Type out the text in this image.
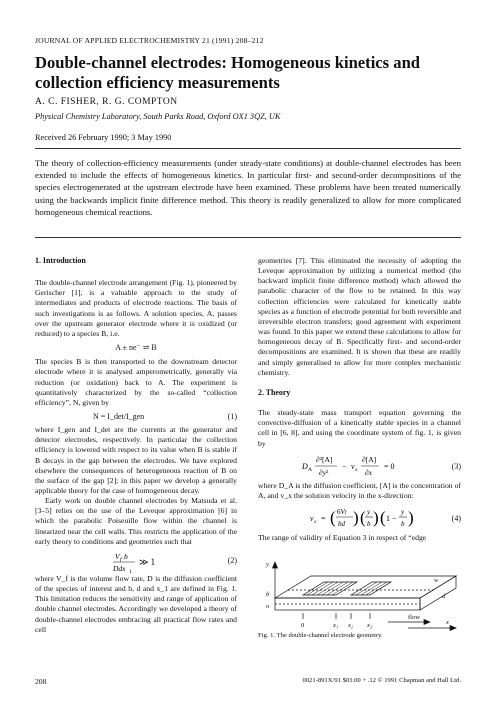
JOURNAL OF APPLIED ELECTROCHEMISTRY 21 (1991) 208–212
Double-channel electrodes: Homogeneous kinetics and collection efficiency measurements
A. C. FISHER, R. G. COMPTON
Physical Chemistry Laboratory, South Parks Road, Oxford OX1 3QZ, UK
Received 26 February 1990; 3 May 1990
The theory of collection-efficiency measurements (under steady-state conditions) at double-channel electrodes has been extended to include the effects of homogeneous kinetics. In particular first- and second-order decompositions of the species electrogenerated at the upstream electrode have been examined. These problems have been treated numerically using the backwards implicit finite difference method. This theory is readily generalized to allow for more complicated homogeneous chemical reactions.
1. Introduction

The double-channel electrode arrangement (Fig. 1), pioneered by Gerischer [1], is a valuable approach to the study of intermediates and products of electrode reactions. The basis of such investigations is as follows. A solution species, A, passes over the upstream generator electrode where it is oxidized (or reduced) to a species B, i.e.

A ± ne⁻ ⇌ B

The species B is then transported to the downstream detector electrode where it is analysed amperometrically, generally via reduction (or oxidation) back to A. The experiment is quantitatively characterized by the so-called “collection efficiency”, N, given by

N = I_det/I_gen	(1)

where I_gen and I_det are the currents at the generator and detector electrodes, respectively. In particular the collection efficiency is lowered with respect to its value when B is stable if B decays in the gap between the electrodes. We have explored elsewhere the consequences of heterogeneous reaction of B on the surface of the gap [2]; in this paper we develop a generally applicable theory for the case of homogeneous decay.

Early work on double channel electrodes by Matsuda et al. [3–5] relies on the use of the Leveque approximation [6] in which the parabolic Poiseuille flow within the channel is linearized near the cell walls. This restricts the application of the early theory to conditions and geometries such that

V f b
Ddx 1
≫ 1	(2)

where V_f is the volume flow rate, D is the diffusion coefficient of the species of interest and b, d and x_1 are defined in Fig. 1. This limitation reduces the sensitivity and range of application of double channel electrodes. Accordingly we developed a theory of double-channel electrodes embracing all practical flow rates and cell

geometries [7]. This eliminated the necessity of adopting the Leveque approximation by utilizing a numerical method (the backward implicit finite difference method) which allowed the parabolic character of the flow to be retained. In this way collection efficiencies were calculated for kinetically stable species as a function of electrode potential for both reversible and irreversible electron transfers; good agreement with experiment was found. In this paper we extend these calculations to allow for homogeneous decay of B. Specifically first- and second-order decompositions are examined. It is shown that these are readily and simply generalised to allow for more complex mechanistic chemistry.

2. Theory

The steady-state mass transport equation governing the convective-diffusion of a kinetically stable species in a channel cell in [6, 8], and using the coordinate system of fig. 1, is given by

D A
∂²[A]
∂y²
− v x
∂[A]
∂x
= 0	(3)

where D_A is the diffusion coefficient, [A] is the concentration of A, and v_x the solution velocity in the x-direction:

v x = ( 6Vf
bd ) ( y
b ) ( 1 −
y
b )	(4)

The range of validity of Equation 3 in respect of “edge

y
b
o
d
w
flow
0	x₁ x₂ x₃	x
Fig. 1. The double-channel electrode geometry.
208	0021-891X/91 $03.00 + .12 © 1991 Chapman and Hall Ltd.
